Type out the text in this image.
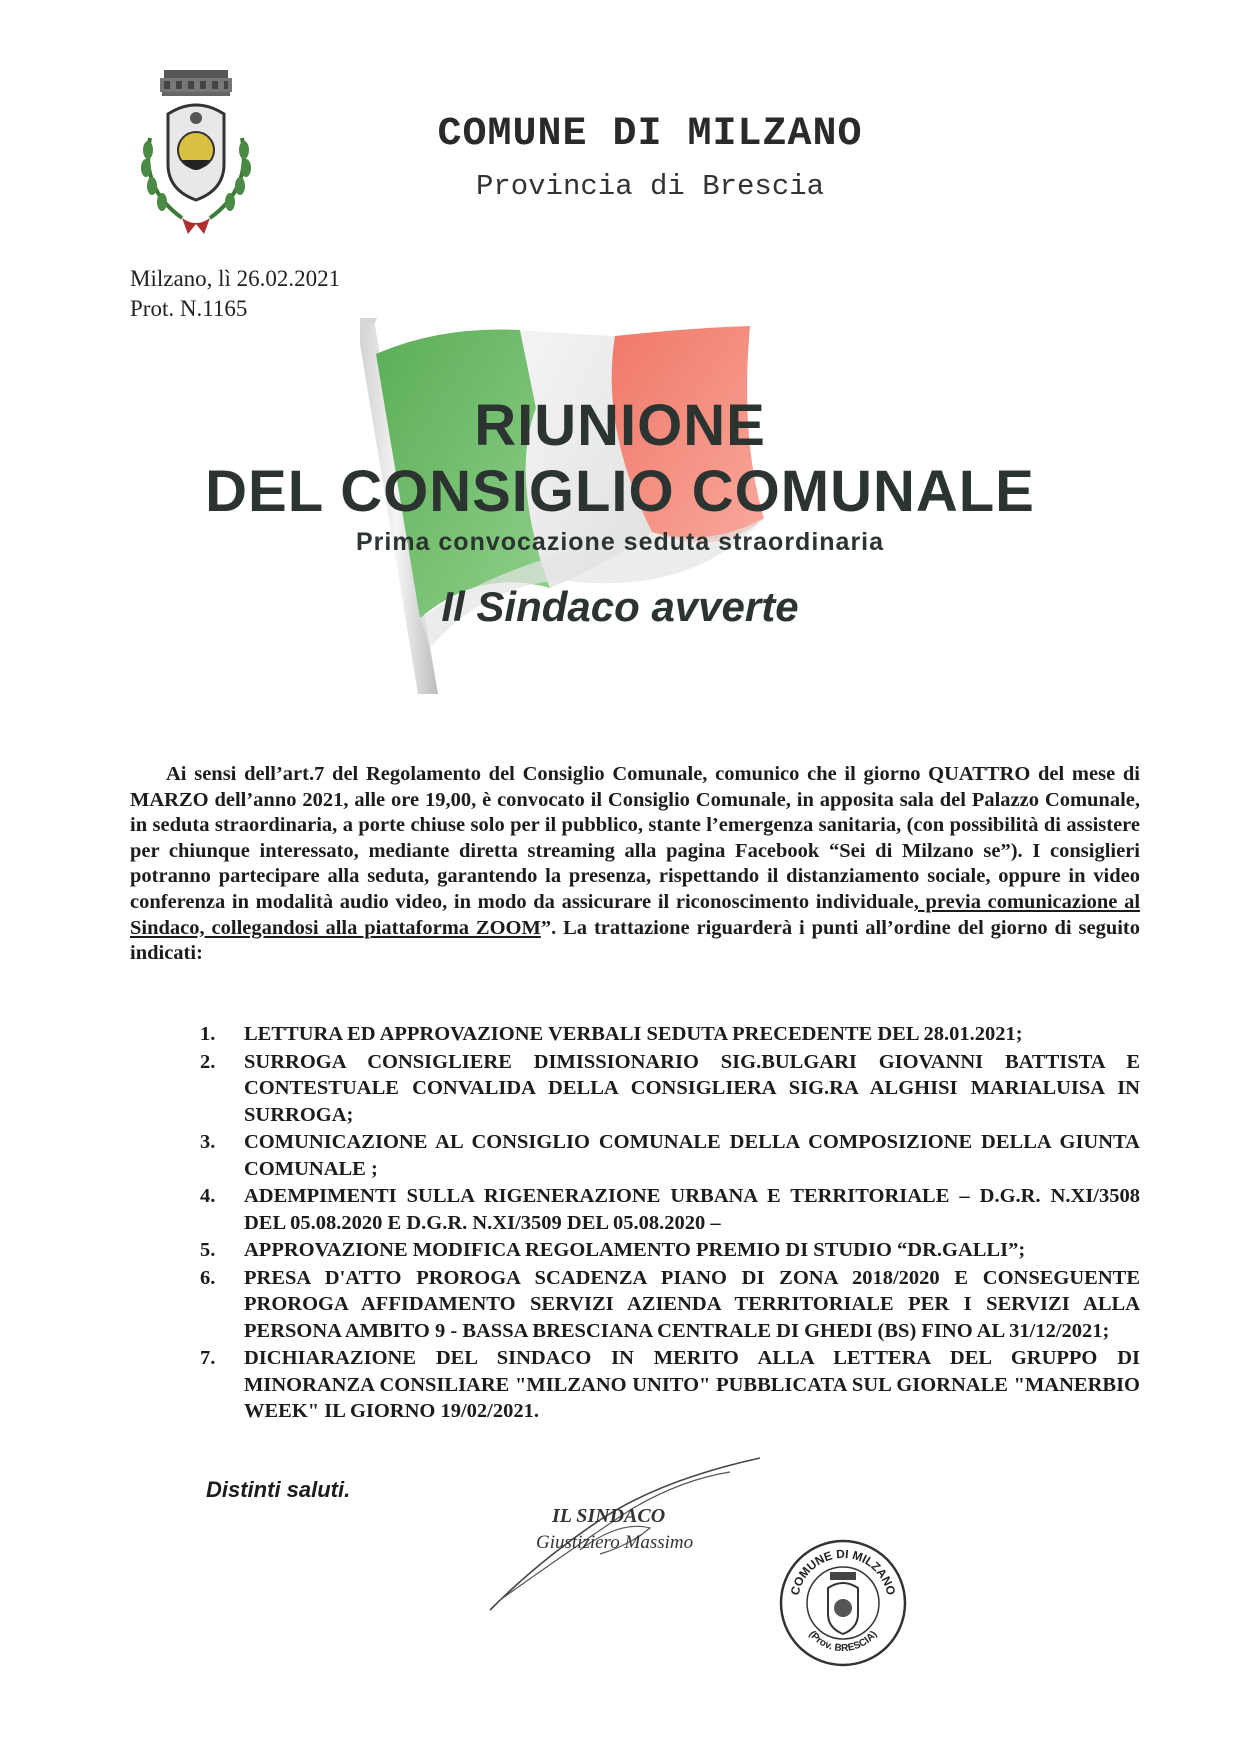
COMUNE DI MILZANO
Provincia di Brescia
Milzano, lì 26.02.2021
Prot. N.1165
RIUNIONE
DEL CONSIGLIO COMUNALE
Prima convocazione seduta straordinaria
Il Sindaco avverte
Ai sensi dell’art.7 del Regolamento del Consiglio Comunale, comunico che il giorno QUATTRO del mese di MARZO dell’anno 2021, alle ore 19,00, è convocato il Consiglio Comunale, in apposita sala del Palazzo Comunale, in seduta straordinaria, a porte chiuse solo per il pubblico, stante l’emergenza sanitaria, (con possibilità di assistere per chiunque interessato, mediante diretta streaming alla pagina Facebook “Sei di Milzano se”). I consiglieri potranno partecipare alla seduta, garantendo la presenza, rispettando il distanziamento sociale, oppure in video conferenza in modalità audio video, in modo da assicurare il riconoscimento individuale, previa comunicazione al Sindaco, collegandosi alla piattaforma ZOOM”. La trattazione riguarderà i punti all’ordine del giorno di seguito indicati:
1. LETTURA ED APPROVAZIONE VERBALI SEDUTA PRECEDENTE DEL 28.01.2021;
2. SURROGA CONSIGLIERE DIMISSIONARIO SIG.BULGARI GIOVANNI BATTISTA E CONTESTUALE CONVALIDA DELLA CONSIGLIERA SIG.RA ALGHISI MARIALUISA IN SURROGA;
3. COMUNICAZIONE AL CONSIGLIO COMUNALE DELLA COMPOSIZIONE DELLA GIUNTA COMUNALE ;
4. ADEMPIMENTI SULLA RIGENERAZIONE URBANA E TERRITORIALE – D.G.R. N.XI/3508 DEL 05.08.2020 E D.G.R. N.XI/3509 DEL 05.08.2020 –
5. APPROVAZIONE MODIFICA REGOLAMENTO PREMIO DI STUDIO “DR.GALLI”;
6. PRESA D'ATTO PROROGA SCADENZA PIANO DI ZONA 2018/2020 E CONSEGUENTE PROROGA AFFIDAMENTO SERVIZI AZIENDA TERRITORIALE PER I SERVIZI ALLA PERSONA AMBITO 9 - BASSA BRESCIANA CENTRALE DI GHEDI (BS) FINO AL 31/12/2021;
7. DICHIARAZIONE DEL SINDACO IN MERITO ALLA LETTERA DEL GRUPPO DI MINORANZA CONSILIARE "MILZANO UNITO" PUBBLICATA SUL GIORNALE "MANERBIO WEEK" IL GIORNO 19/02/2021.
Distinti saluti.
IL SINDACO
Giustiziero Massimo
COMUNE DI MILZANO
(Prov. BRESCIA)
